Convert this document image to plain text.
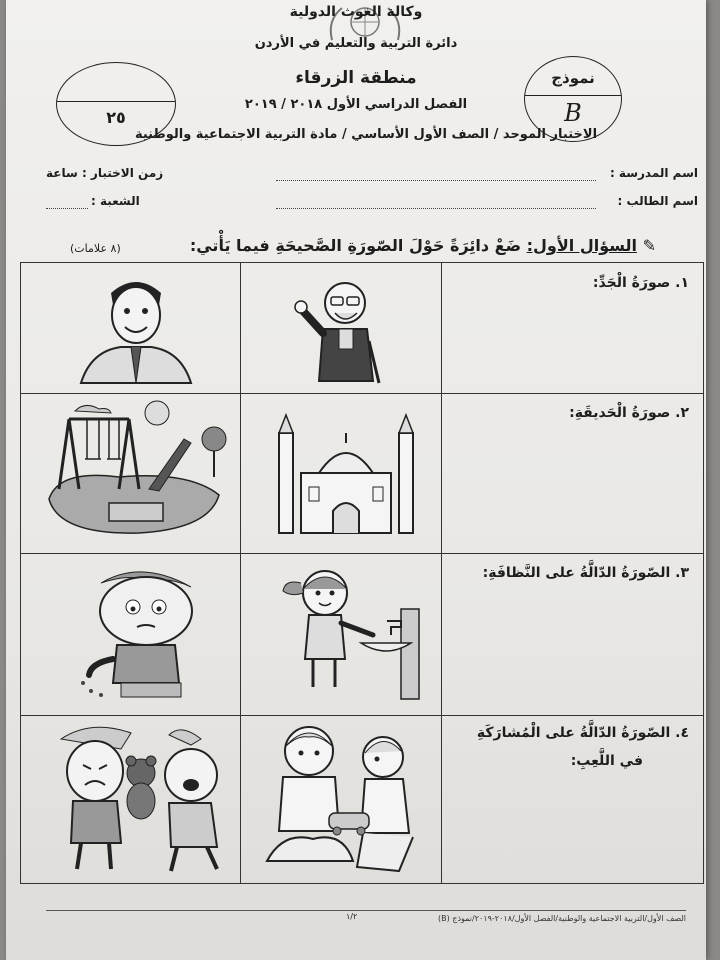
وكالة الغوث الدولية
دائرة التربية والتعليم في الأردن
منطقة الزرقاء
الفصل الدراسي الأول ٢٠١٨ / ٢٠١٩
الاختبار الموحد / الصف الأول الأساسي / مادة التربية الاجتماعية والوطنية
٢٥
نموذج
B
اسم المدرسة :
زمن الاختبار : ساعة
اسم الطالب :
الشعبة :
✎ السؤال الأول: ضَعْ دائِرَةً حَوْلَ الصّورَةِ الصَّحيحَةِ فيما يَأْتي:
(٨ علامات)
١. صورَةُ الْجَدِّ:
٢. صورَةُ الْحَديقَةِ:
٣. الصّورَةُ الدّالَّةُ على النَّظافَةِ:
٤. الصّورَةُ الدّالَّةُ على الْمُشارَكَةِ
في اللَّعِبِ:
١/٢	الصف الأول/التربية الاجتماعية والوطنية/الفصل الأول/٢٠١٨-٢٠١٩/نموذج (B)
